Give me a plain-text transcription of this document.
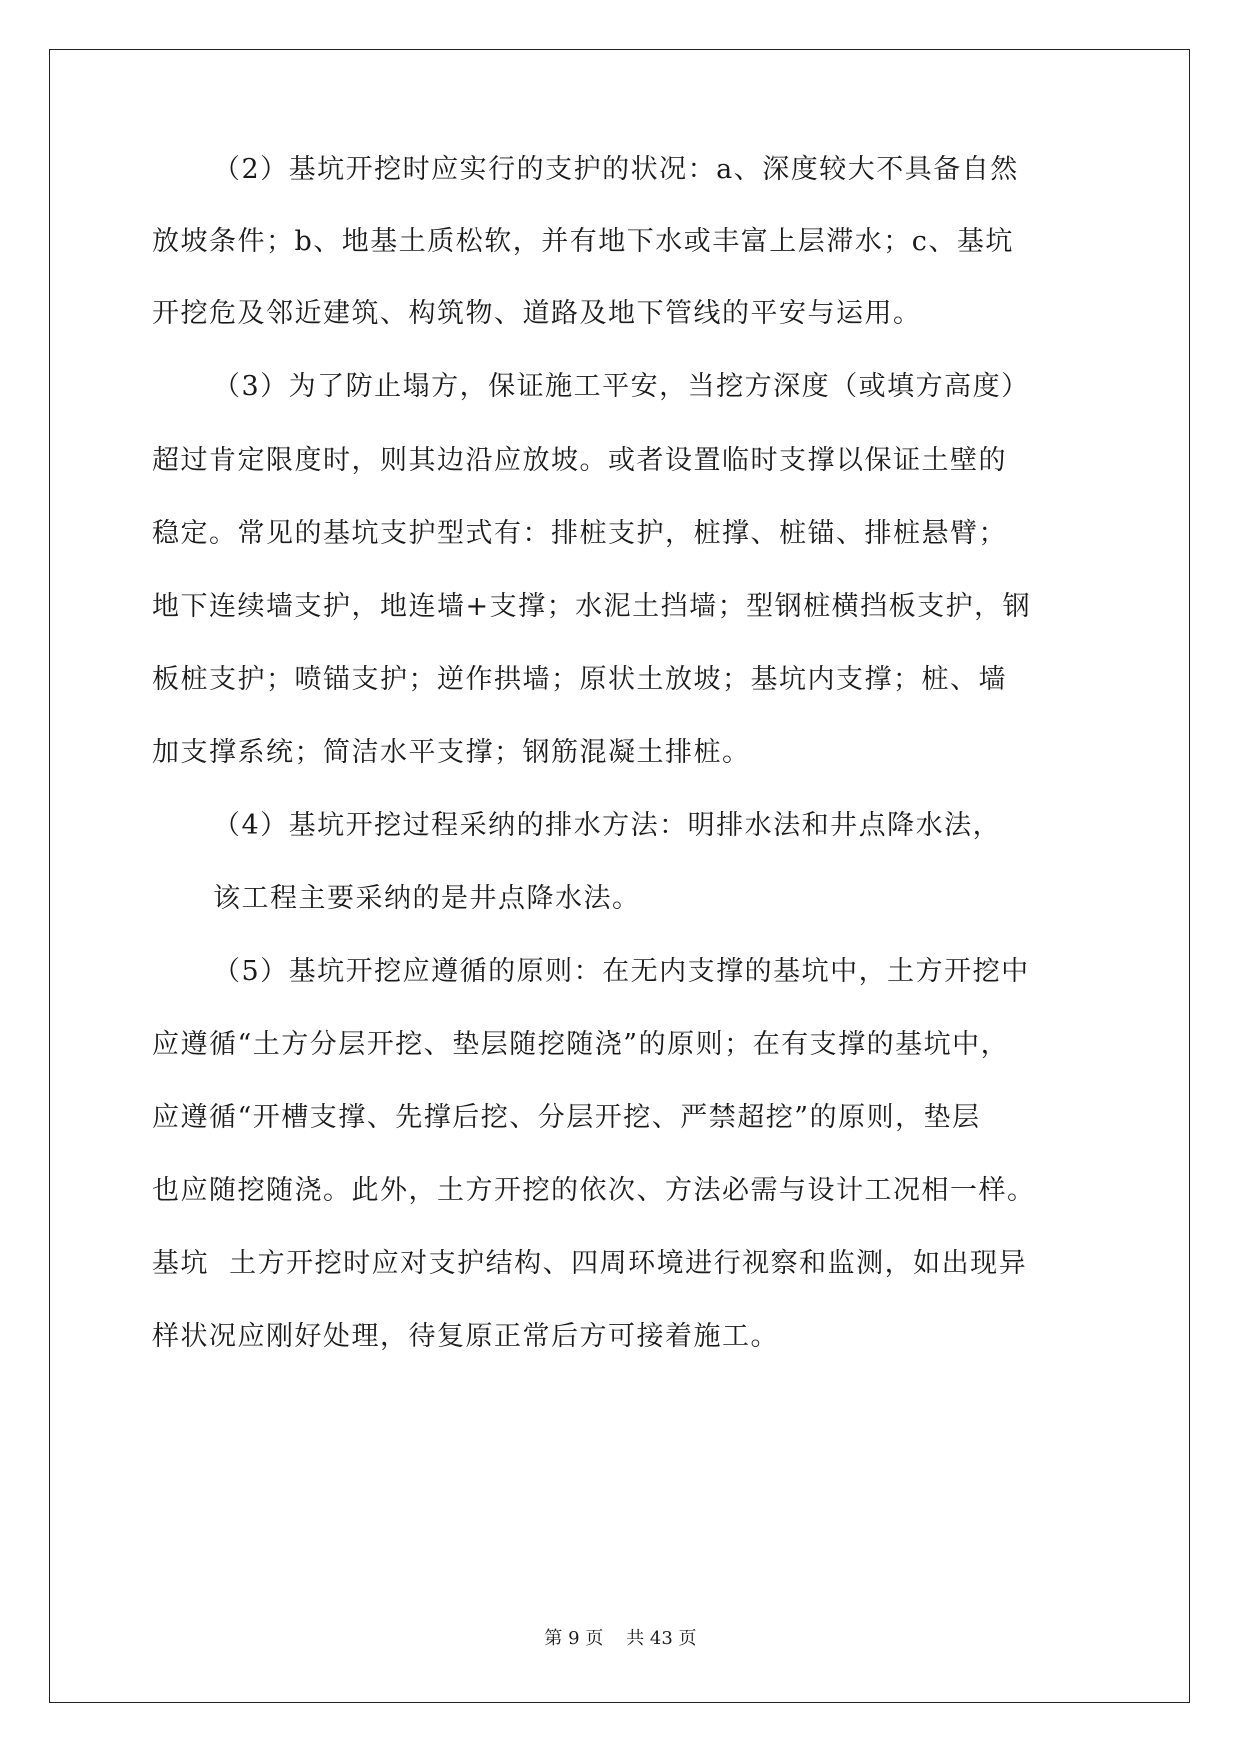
（2）基坑开挖时应实行的支护的状况：a、深度较大不具备自然
放坡条件；b、地基土质松软，并有地下水或丰富上层滞水；c、基坑
开挖危及邻近建筑、构筑物、道路及地下管线的平安与运用。
（3）为了防止塌方，保证施工平安，当挖方深度（或填方高度）
超过肯定限度时，则其边沿应放坡。或者设置临时支撑以保证土壁的
稳定。常见的基坑支护型式有：排桩支护，桩撑、桩锚、排桩悬臂；
地下连续墙支护，地连墙+支撑；水泥土挡墙；型钢桩横挡板支护，钢
板桩支护；喷锚支护；逆作拱墙；原状土放坡；基坑内支撑；桩、墙
加支撑系统；简洁水平支撑；钢筋混凝土排桩。
（4）基坑开挖过程采纳的排水方法：明排水法和井点降水法，
该工程主要采纳的是井点降水法。
（5）基坑开挖应遵循的原则：在无内支撑的基坑中，土方开挖中
应遵循“土方分层开挖、垫层随挖随浇”的原则；在有支撑的基坑中，
应遵循“开槽支撑、先撑后挖、分层开挖、严禁超挖”的原则，垫层
也应随挖随浇。此外，土方开挖的依次、方法必需与设计工况相一样。
基坑  土方开挖时应对支护结构、四周环境进行视察和监测，如出现异
样状况应刚好处理，待复原正常后方可接着施工。
第 9 页    共 43 页
